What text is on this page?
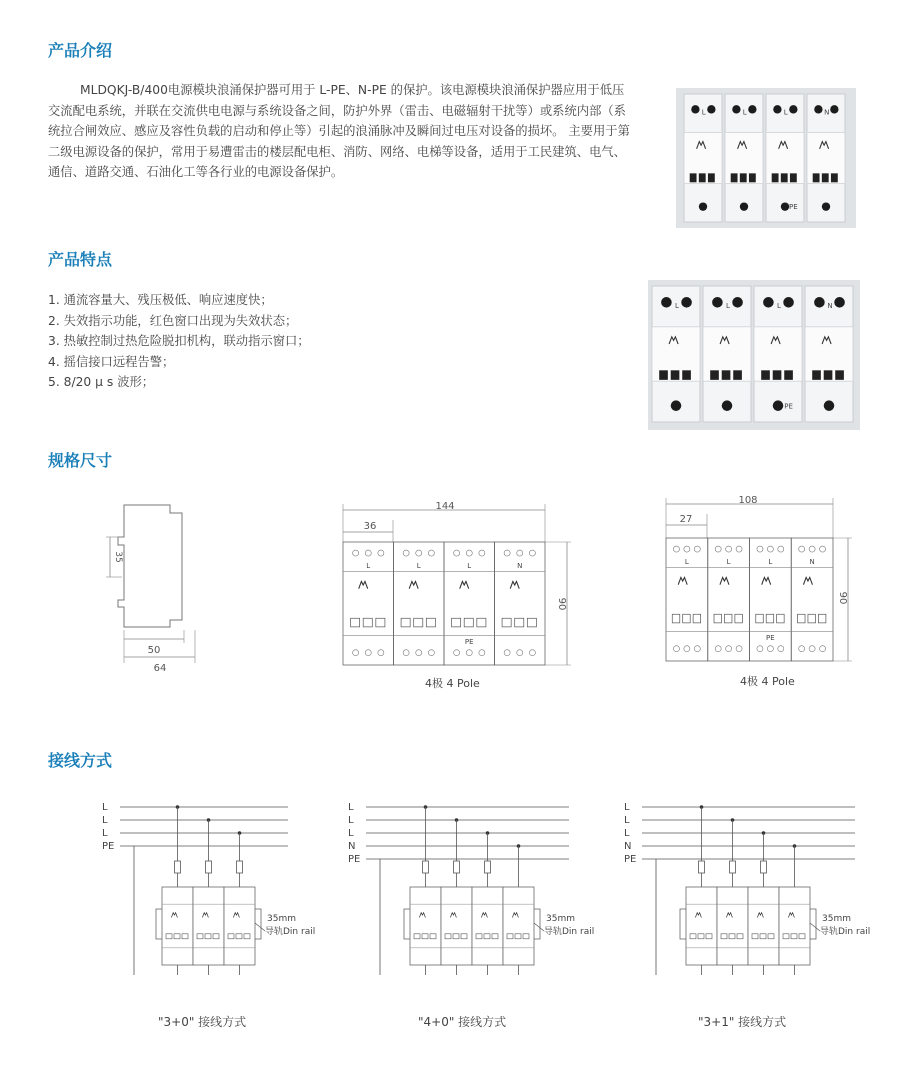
产品介绍
产品特点
规格尺寸
接线方式

MLDQKJ-B/400电源模块浪涌保护器可用于 L-PE、N-PE 的保护。该电源模块浪涌保护器应用于低压交流配电系统，并联在交流供电电源与系统设备之间，防护外界（雷击、电磁辐射干扰等）或系统内部（系统拉合闸效应、感应及容性负载的启动和停止等）引起的浪涌脉冲及瞬间过电压对设备的损坏。 主要用于第二级电源设备的保护，常用于易遭雷击的楼层配电柜、消防、网络、电梯等设备，适用于工民建筑、电气、通信、道路交通、石油化工等各行业的电源设备保护。

1. 通流容量大、残压极低、响应速度快；
2. 失效指示功能，红色窗口出现为失效状态；
3. 热敏控制过热危险脱扣机构，联动指示窗口；
4. 摇信接口远程告警；
5. 8/20 μ s 波形；
L	L	L
PE
N
L	L	L
PE
N
35
50
64
144
36
90
L	L	L
PE
N
4极 4 Pole
108
27
90
L	L	L
PE
N
4极 4 Pole
L
L
L
PE
35mm
导轨Din rail
"3+0" 接线方式
L
L
L
N
PE
35mm
导轨Din rail
"4+0" 接线方式
L
L
L
N
PE
35mm
导轨Din rail
"3+1" 接线方式
